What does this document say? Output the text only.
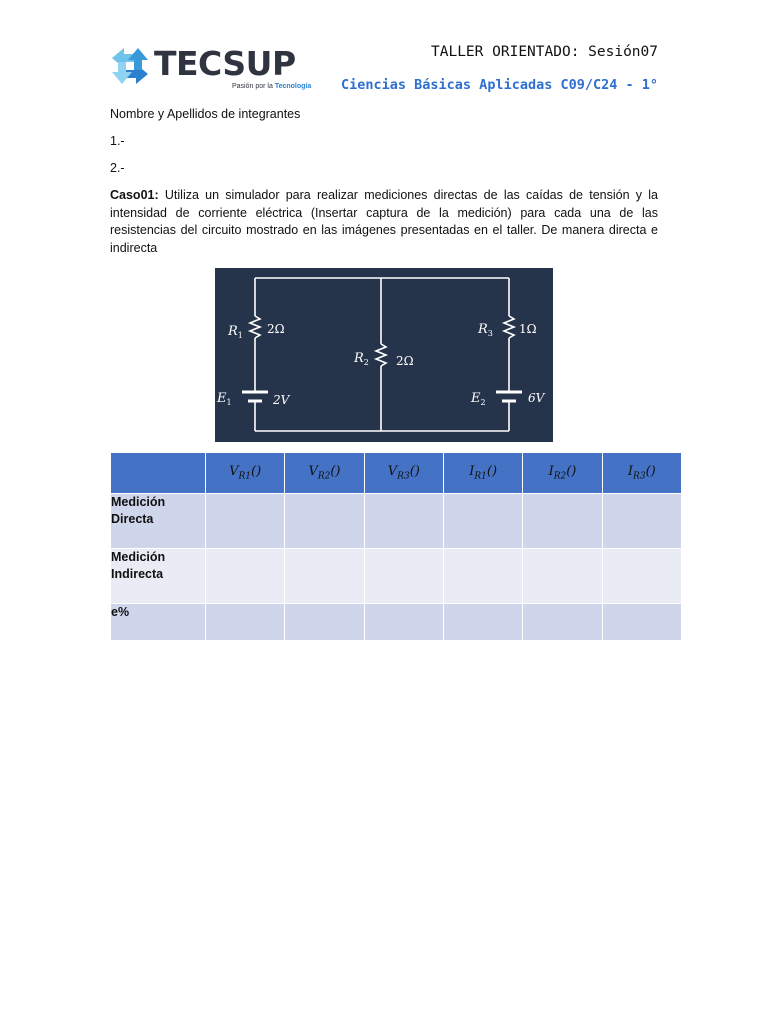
TECSUP
Pasión por la Tecnología
TALLER ORIENTADO: Sesión07
Ciencias Básicas Aplicadas C09/C24 - 1°
Nombre y Apellidos de integrantes
1.-
2.-
Caso01: Utiliza un simulador para realizar mediciones directas de las caídas de tensión y la intensidad de corriente eléctrica (Insertar captura de la medición) para cada una de las resistencias del circuito mostrado en las imágenes presentadas en el taller. De manera directa e indirecta
$R_1$ 2Ω
$R_2$ 2Ω
$R_3$ 1Ω
$E_1$	2V	$E_2$	6V
	$V_{R1}()$	$V_{R2}()$	$V_{R3}()$	$I_{R1}()$	$I_{R2}()$	$I_{R3}()$
Medición
Directa						
Medición
Indirecta						
e%						
